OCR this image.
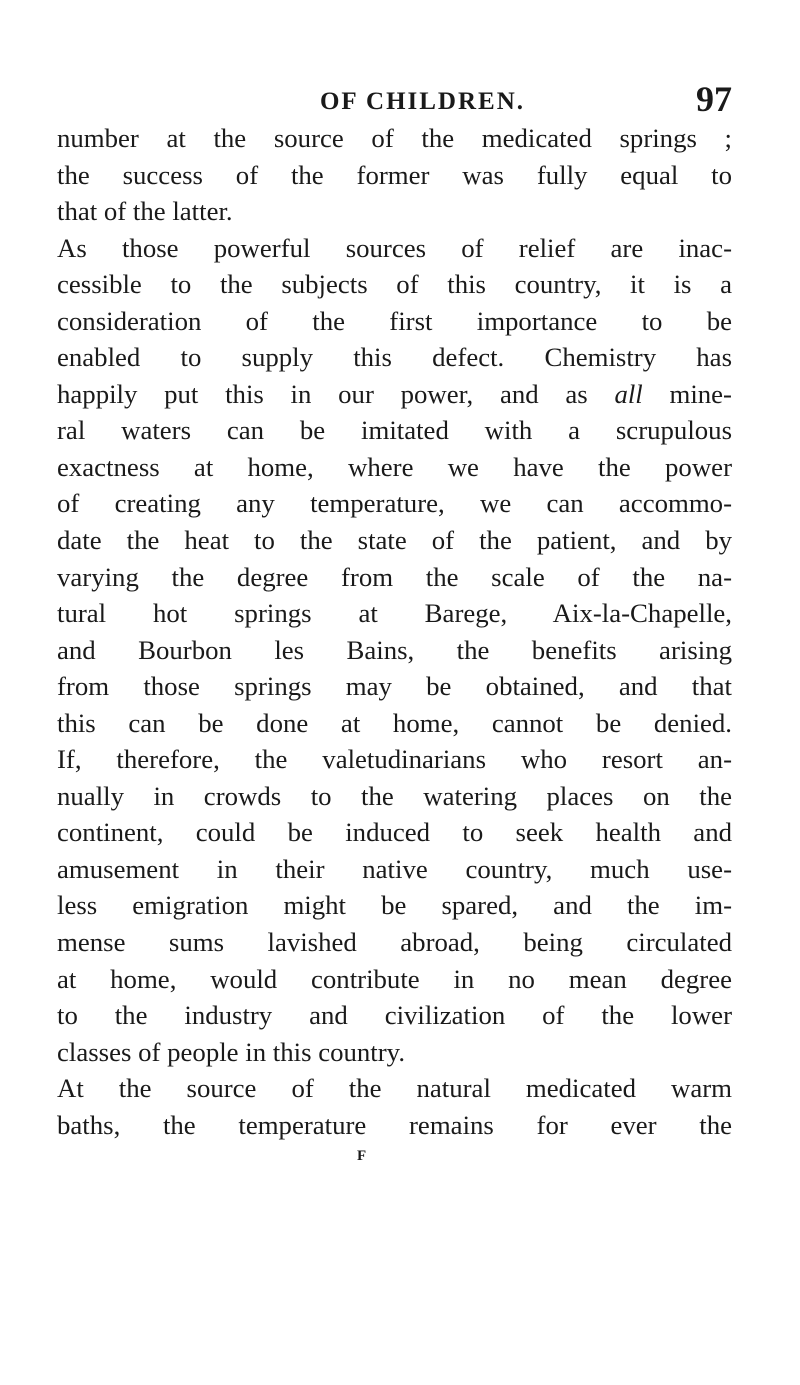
OF CHILDREN.	97
number at the source of the medicated springs ;
the success of the former was fully equal to
that of the latter.
As those powerful sources of relief are inac-
cessible to the subjects of this country, it is a
consideration of the first importance to be
enabled to supply this defect. Chemistry has
happily put this in our power, and as all mine-
ral waters can be imitated with a scrupulous
exactness at home, where we have the power
of creating any temperature, we can accommo-
date the heat to the state of the patient, and by
varying the degree from the scale of the na-
tural hot springs at Barege, Aix-la-Chapelle,
and Bourbon les Bains, the benefits arising
from those springs may be obtained, and that
this can be done at home, cannot be denied.
If, therefore, the valetudinarians who resort an-
nually in crowds to the watering places on the
continent, could be induced to seek health and
amusement in their native country, much use-
less emigration might be spared, and the im-
mense sums lavished abroad, being circulated
at home, would contribute in no mean degree
to the industry and civilization of the lower
classes of people in this country.
At the source of the natural medicated warm
baths, the temperature remains for ever the
F
